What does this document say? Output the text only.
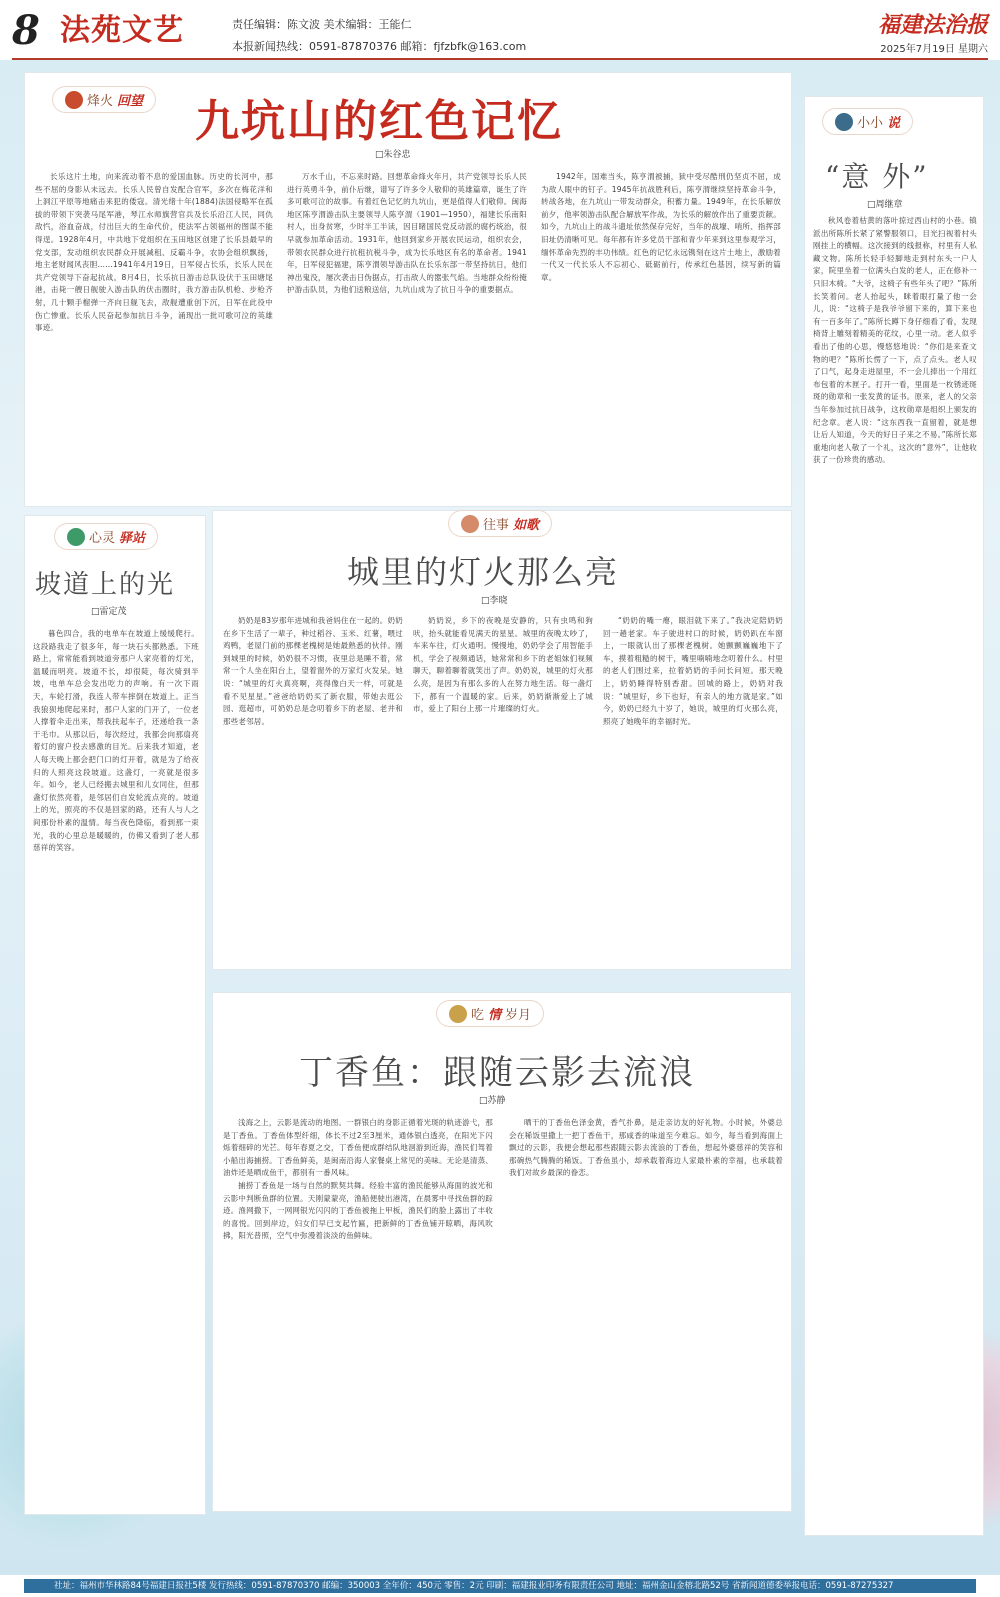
8 法苑文艺	责任编辑：陈文波 美术编辑：王能仁
本报新闻热线：0591-87870376 邮箱：fjfzbfk@163.com
福建法治报
2025年7月19日 星期六
烽火 回望 九坑山的红色记忆
□朱谷忠

长乐这片土地，向来流动着不息的爱国血脉。历史的长河中，那些不屈的身影从未远去。长乐人民曾自发配合官军，多次在梅花洋和上洞江平原等地痛击来犯的倭寇。清光绪十年(1884)法国侵略军在孤拔的带领下突袭马尾军港，琴江水师旗营官兵及长乐沿江人民，同仇敌忾，浴血奋战，付出巨大的生命代价，使法军占领福州的图谋不能得逞。1928年4月，中共地下党组织在玉田地区创建了长乐县最早的党支部，发动组织农民群众开展减租、反霸斗争，农协会组织飘扬，地主老财闻风丧胆……1941年4月19日，日军侵占长乐，长乐人民在共产党领导下奋起抗战。8月4日，长乐抗日游击总队设伏于玉田塘尾港，击毙一艘日舰驶入游击队的伏击圈时，我方游击队机枪、步枪齐射，几十颗手榴弹一齐向日舰飞去，敌舰遭重创下沉，日军在此役中伤亡惨重。长乐人民奋起参加抗日斗争，涌现出一批可歌可泣的英雄事迹。

万水千山，不忘来时路。回想革命烽火年月，共产党领导长乐人民进行英勇斗争，前仆后继，谱写了许多令人敬仰的英雄篇章，诞生了许多可歌可泣的故事。有着红色记忆的九坑山，更是值得人们敬仰。闽海地区陈亨渭游击队主要领导人陈亨渭（1901—1950），福建长乐南阳村人，出身贫寒，少时半工半读，因目睹国民党反动派的腐朽统治，很早就参加革命活动。1931年，他回到家乡开展农民运动，组织农会，带领农民群众进行抗租抗税斗争，成为长乐地区有名的革命者。1941年，日军侵犯福建，陈亨渭领导游击队在长乐东部一带坚持抗日，他们神出鬼没，屡次袭击日伪据点，打击敌人的嚣张气焰。当地群众纷纷掩护游击队员，为他们送粮送信，九坑山成为了抗日斗争的重要据点。

1942年，国难当头，陈亨渭被捕，狱中受尽酷刑仍坚贞不屈，成为敌人眼中的钉子。1945年抗战胜利后，陈亨渭继续坚持革命斗争，转战各地，在九坑山一带发动群众，积蓄力量。1949年，在长乐解放前夕，他率领游击队配合解放军作战，为长乐的解放作出了重要贡献。如今，九坑山上的战斗遗址依然保存完好，当年的战壕、哨所、指挥部旧址仍清晰可见。每年都有许多党员干部和青少年来到这里参观学习，缅怀革命先烈的丰功伟绩。红色的记忆永远镌刻在这片土地上，激励着一代又一代长乐人不忘初心、砥砺前行，传承红色基因，续写新的篇章。

小小 说
“意 外”
□周继章

秋风卷着枯黄的落叶掠过西山村的小巷。镇派出所陈所长紧了紧警服领口，目光扫视着村头刚挂上的横幅。这次接到的线报称，村里有人私藏文物。陈所长轻手轻脚地走到村东头一户人家，院里坐着一位满头白发的老人，正在修补一只旧木椅。“大爷，这椅子有些年头了吧？”陈所长笑着问。老人抬起头，眯着眼打量了他一会儿，说：“这椅子是我爷爷留下来的，算下来也有一百多年了。”陈所长蹲下身仔细看了看，发现椅背上雕刻着精美的花纹，心里一动。老人似乎看出了他的心思，慢悠悠地说：“你们是来查文物的吧？”陈所长愣了一下，点了点头。老人叹了口气，起身走进屋里，不一会儿捧出一个用红布包着的木匣子。打开一看，里面是一枚锈迹斑斑的勋章和一张发黄的证书。原来，老人的父亲当年参加过抗日战争，这枚勋章是组织上颁发的纪念章。老人说：“这东西我一直留着，就是想让后人知道，今天的好日子来之不易。”陈所长郑重地向老人敬了一个礼，这次的“意外”，让他收获了一份珍贵的感动。

心灵 驿站
坡道上的光
□雷定茂

暮色四合，我的电单车在坡道上缓缓爬行。这段路我走了很多年，每一块石头都熟悉。下班路上，常常能看到坡道旁那户人家亮着的灯光，温暖而明亮。坡道不长，却很陡，每次骑到半坡，电单车总会发出吃力的声响。有一次下雨天，车轮打滑，我连人带车摔倒在坡道上。正当我狼狈地爬起来时，那户人家的门开了，一位老人撑着伞走出来，帮我扶起车子，还递给我一条干毛巾。从那以后，每次经过，我都会向那扇亮着灯的窗户投去感激的目光。后来我才知道，老人每天晚上都会把门口的灯开着，就是为了给夜归的人照亮这段坡道。这盏灯，一亮就是很多年。如今，老人已经搬去城里和儿女同住，但那盏灯依然亮着，是邻居们自发轮流点亮的。坡道上的光，照亮的不仅是回家的路，还有人与人之间那份朴素的温情。每当夜色降临，看到那一束光，我的心里总是暖暖的，仿佛又看到了老人那慈祥的笑容。

往事 如歌
城里的灯火那么亮
□李晓

奶奶是83岁那年进城和我爸妈住在一起的。奶奶在乡下生活了一辈子，种过稻谷、玉米、红薯，喂过鸡鸭，老屋门前的那棵老槐树是她最熟悉的伙伴。刚到城里的时候，奶奶很不习惯，夜里总是睡不着，常常一个人坐在阳台上，望着窗外的万家灯火发呆。她说：“城里的灯火真亮啊，亮得像白天一样，可就是看不见星星。”爸爸给奶奶买了新衣服，带她去逛公园、逛超市，可奶奶总是念叨着乡下的老屋、老井和那些老邻居。

奶奶说，乡下的夜晚是安静的，只有虫鸣和狗吠，抬头就能看见满天的星星。城里的夜晚太吵了，车来车往，灯火通明。慢慢地，奶奶学会了用智能手机，学会了视频通话，她常常和乡下的老姐妹们视频聊天，聊着聊着就笑出了声。奶奶说，城里的灯火那么亮，是因为有那么多的人在努力地生活。每一盏灯下，都有一个温暖的家。后来，奶奶渐渐爱上了城市，爱上了阳台上那一片璀璨的灯火。

“奶奶的嘴一瘪，眼泪就下来了。”我决定陪奶奶回一趟老家。车子驶进村口的时候，奶奶趴在车窗上，一眼就认出了那棵老槐树。她颤颤巍巍地下了车，摸着粗糙的树干，嘴里喃喃地念叨着什么。村里的老人们围过来，拉着奶奶的手问长问短。那天晚上，奶奶睡得特别香甜。回城的路上，奶奶对我说：“城里好，乡下也好，有亲人的地方就是家。”如今，奶奶已经九十岁了，她说，城里的灯火那么亮，照亮了她晚年的幸福时光。

吃 情 岁月
丁香鱼：跟随云影去流浪
□苏静

浅海之上，云影是流动的地图。一群银白的身影正循着光斑的轨迹游弋，那是丁香鱼。丁香鱼体型纤细，体长不过2至3厘米，通体银白透亮，在阳光下闪烁着细碎的光芒。每年春夏之交，丁香鱼便成群结队地洄游到近海，渔民们驾着小船出海捕捞。丁香鱼鲜美，是闽南沿海人家餐桌上常见的美味。无论是清蒸、油炸还是晒成鱼干，都别有一番风味。

捕捞丁香鱼是一场与自然的默契共舞。经验丰富的渔民能够从海面的波光和云影中判断鱼群的位置。天刚蒙蒙亮，渔船便驶出港湾，在晨雾中寻找鱼群的踪迹。渔网撒下，一网网银光闪闪的丁香鱼被拖上甲板，渔民们的脸上露出了丰收的喜悦。回到岸边，妇女们早已支起竹匾，把新鲜的丁香鱼铺开晾晒，海风吹拂，阳光普照，空气中弥漫着淡淡的鱼鲜味。

晒干的丁香鱼色泽金黄，香气扑鼻，是走亲访友的好礼物。小时候，外婆总会在稀饭里撒上一把丁香鱼干，那咸香的味道至今难忘。如今，每当看到海面上飘过的云影，我便会想起那些跟随云影去流浪的丁香鱼，想起外婆慈祥的笑容和那碗热气腾腾的稀饭。丁香鱼虽小，却承载着海边人家最朴素的幸福，也承载着我们对故乡最深的眷恋。

社址：福州市华林路84号福建日报社5楼 发行热线：0591-87870370 邮编：350003 全年价：450元 零售：2元 印刷：福建报业印务有限责任公司 地址：福州金山金榕北路52号 省新闻道德委举报电话：0591-87275327
